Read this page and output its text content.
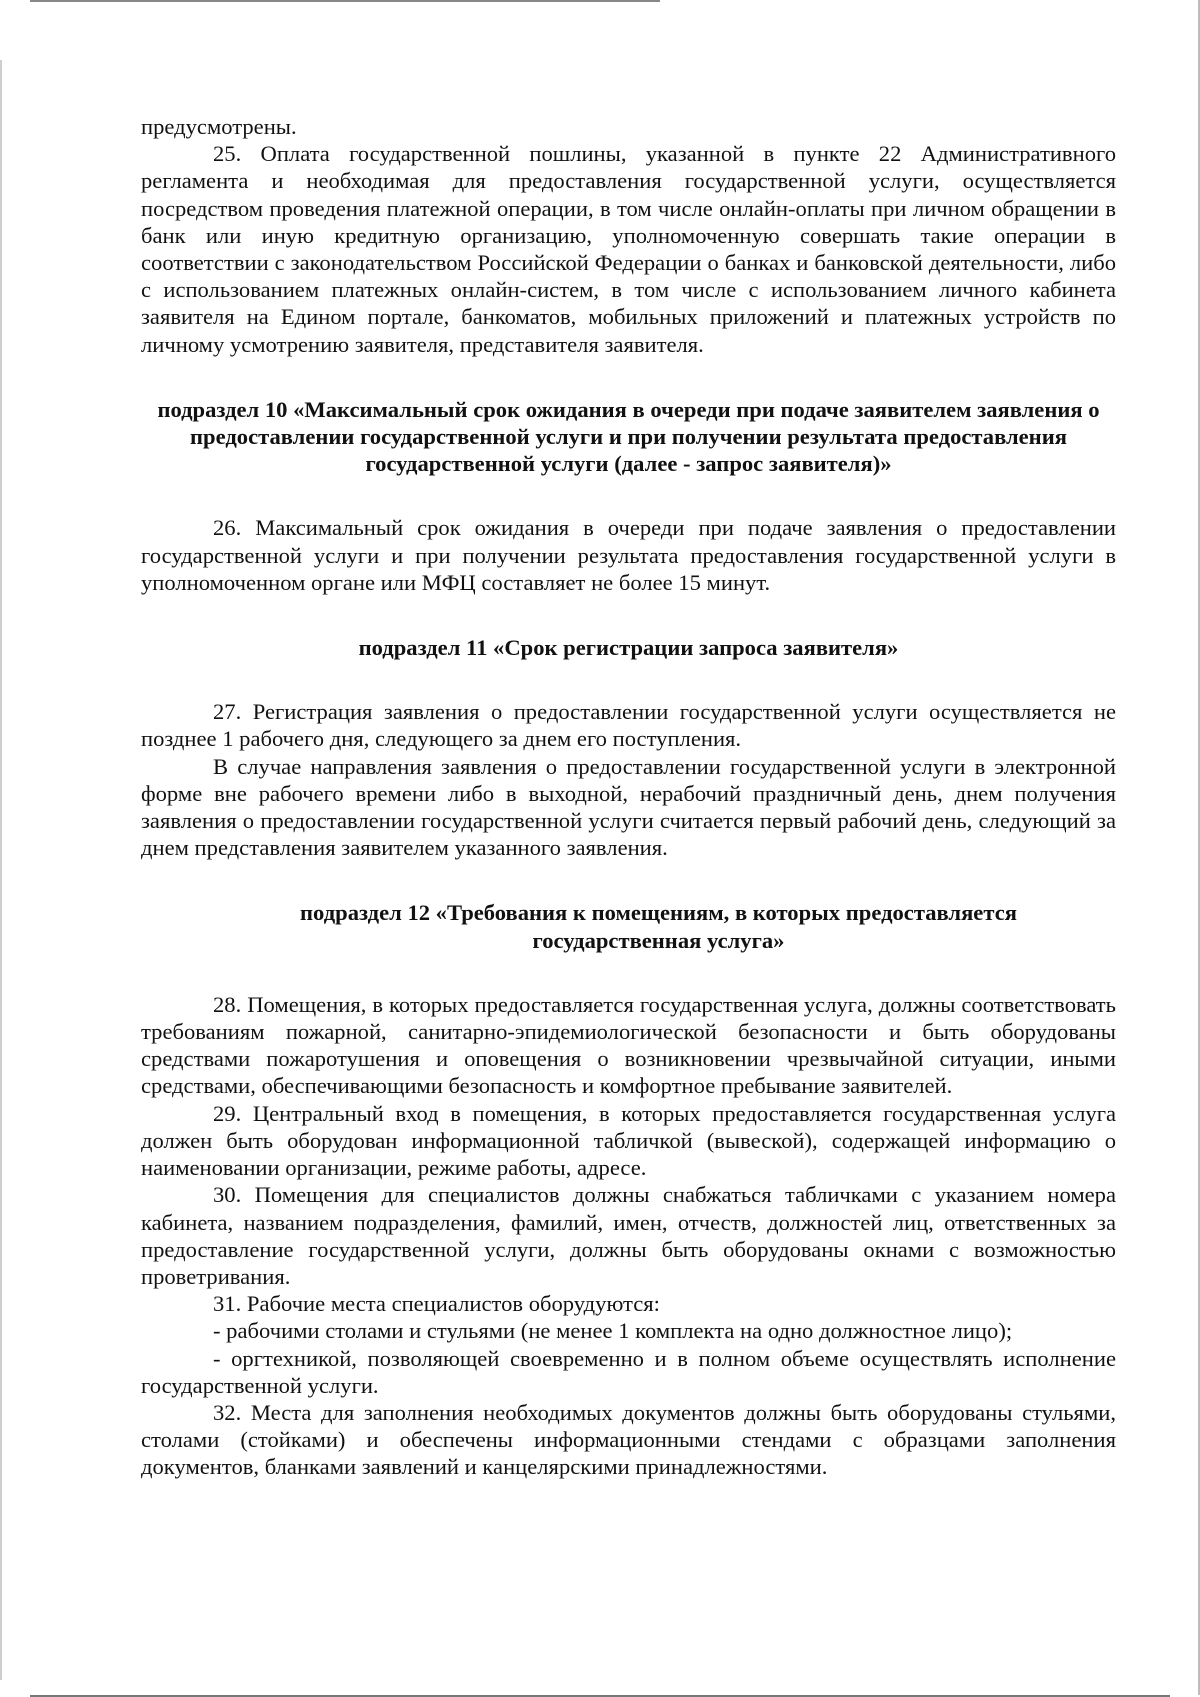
предусмотрены.

25. Оплата государственной пошлины, указанной в пункте 22 Административного регламента и необходимая для предоставления государственной услуги, осуществляется посредством проведения платежной операции, в том числе онлайн-оплаты при личном обращении в банк или иную кредитную организацию, уполномоченную совершать такие операции в соответствии с законодательством Российской Федерации о банках и банковской деятельности, либо с использованием платежных онлайн-систем, в том числе с использованием личного кабинета заявителя на Едином портале, банкоматов, мобильных приложений и платежных устройств по личному усмотрению заявителя, представителя заявителя.

подраздел 10 «Максимальный срок ожидания в очереди при подаче заявителем заявления о предоставлении государственной услуги и при получении результата предоставления государственной услуги (далее - запрос заявителя)»

26. Максимальный срок ожидания в очереди при подаче заявления о предоставлении государственной услуги и при получении результата предоставления государственной услуги в уполномоченном органе или МФЦ составляет не более 15 минут.

подраздел 11 «Срок регистрации запроса заявителя»

27. Регистрация заявления о предоставлении государственной услуги осуществляется не позднее 1 рабочего дня, следующего за днем его поступления.

В случае направления заявления о предоставлении государственной услуги в электронной форме вне рабочего времени либо в выходной, нерабочий праздничный день, днем получения заявления о предоставлении государственной услуги считается первый рабочий день, следующий за днем представления заявителем указанного заявления.

подраздел 12 «Требования к помещениям, в которых предоставляется государственная услуга»

28. Помещения, в которых предоставляется государственная услуга, должны соответствовать требованиям пожарной, санитарно-эпидемиологической безопасности и быть оборудованы средствами пожаротушения и оповещения о возникновении чрезвычайной ситуации, иными средствами, обеспечивающими безопасность и комфортное пребывание заявителей.

29. Центральный вход в помещения, в которых предоставляется государственная услуга должен быть оборудован информационной табличкой (вывеской), содержащей информацию о наименовании организации, режиме работы, адресе.

30. Помещения для специалистов должны снабжаться табличками с указанием номера кабинета, названием подразделения, фамилий, имен, отчеств, должностей лиц, ответственных за предоставление государственной услуги, должны быть оборудованы окнами с возможностью проветривания.

31. Рабочие места специалистов оборудуются:

- рабочими столами и стульями (не менее 1 комплекта на одно должностное лицо);

- оргтехникой, позволяющей своевременно и в полном объеме осуществлять исполнение государственной услуги.

32. Места для заполнения необходимых документов должны быть оборудованы стульями, столами (стойками) и обеспечены информационными стендами с образцами заполнения документов, бланками заявлений и канцелярскими принадлежностями.
